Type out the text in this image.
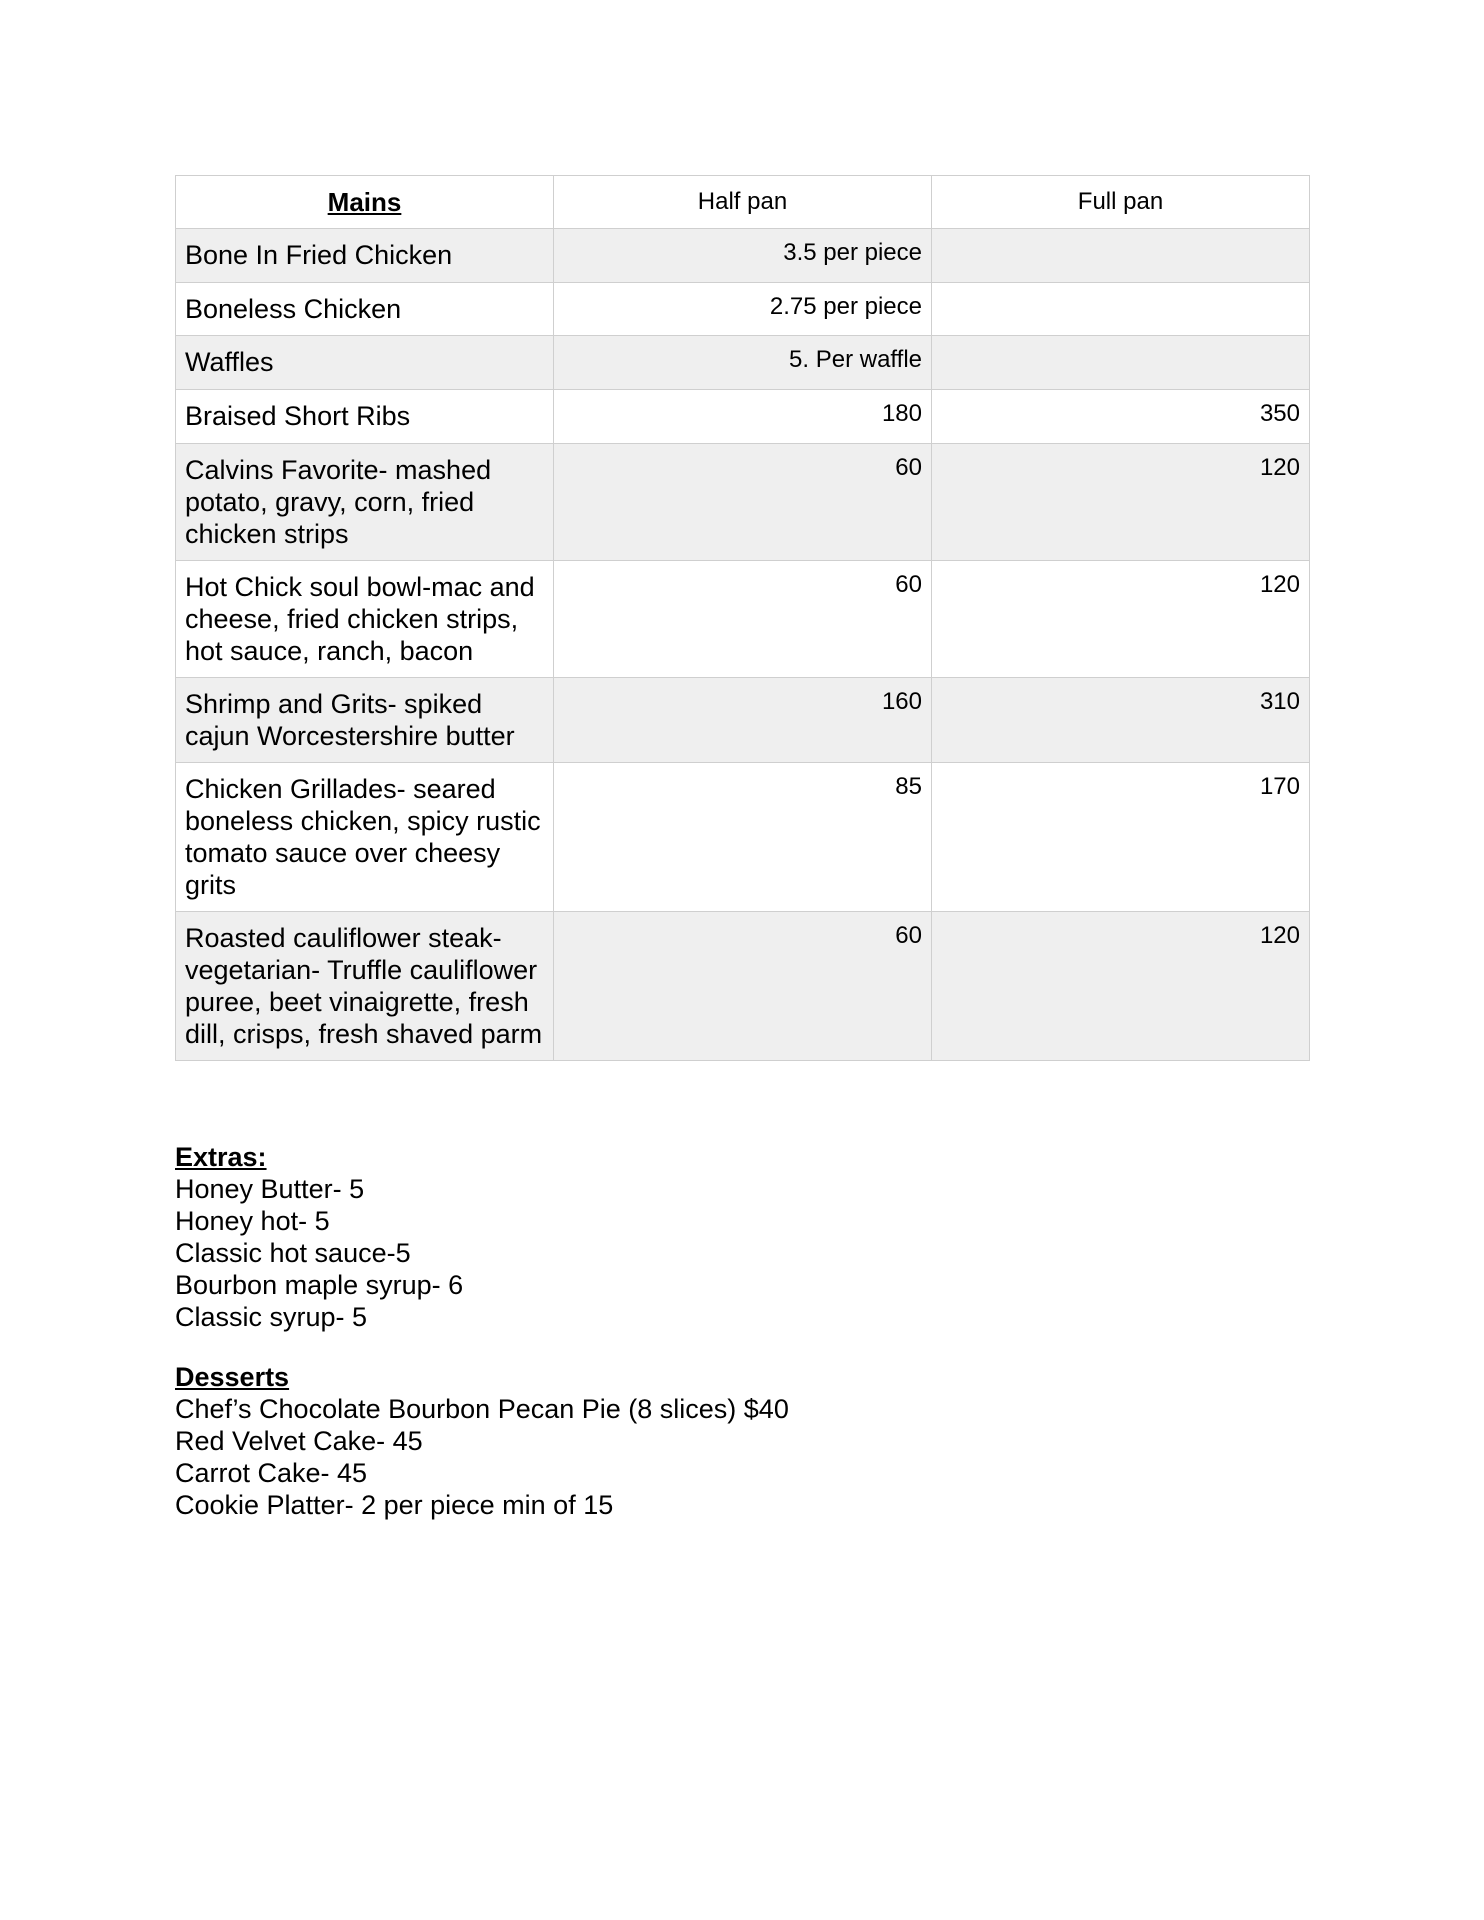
Mains	Half pan	Full pan
Bone In Fried Chicken	3.5 per piece	
Boneless Chicken	2.75 per piece	
Waffles	5. Per waffle	
Braised Short Ribs	180	350
Calvins Favorite- mashed potato, gravy, corn, fried chicken strips	60	120
Hot Chick soul bowl-mac and cheese, fried chicken strips, hot sauce, ranch, bacon	60	120
Shrimp and Grits- spiked cajun Worcestershire butter	160	310
Chicken Grillades- seared boneless chicken, spicy rustic tomato sauce over cheesy grits	85	170
Roasted cauliflower steak- vegetarian- Truffle cauliflower puree, beet vinaigrette, fresh dill, crisps, fresh shaved parm	60	120
Extras:
Honey Butter- 5
Honey hot- 5
Classic hot sauce-5
Bourbon maple syrup- 6
Classic syrup- 5
Desserts
Chef’s Chocolate Bourbon Pecan Pie (8 slices) $40
Red Velvet Cake- 45
Carrot Cake- 45
Cookie Platter- 2 per piece min of 15
